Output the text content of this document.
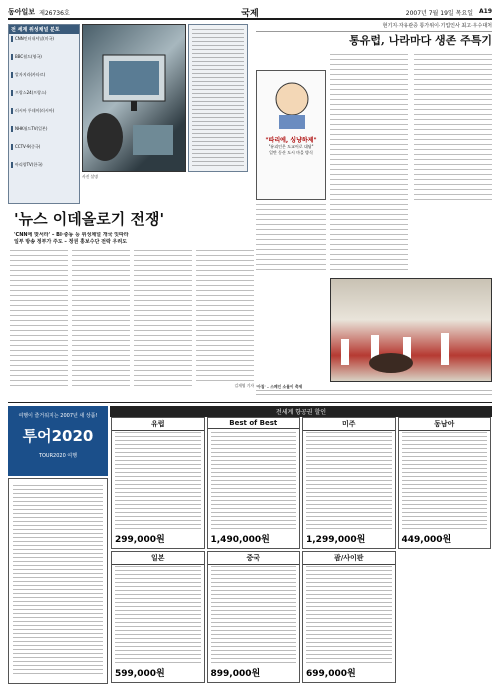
동아일보 제26736호	국제	2007년 7월 19일 목요일 A19
전 세계 위성채널 분포
CNN인터내셔널(미국)
BBC월드(영국)
알자지라(카타르)
프랑스24(프랑스)
러시아 투데이(러시아)
NHK월드TV(일본)
CCTV-9(중국)
아리랑TV(한국)
사진 설명
'뉴스 이데올로기 전쟁'
'CNN에 맞서라' – BI·중동 등 위성채널 개국 잇따라
일부 방송 정부가 주도 – 정권 홍보수단 전락 우려도
김재영 기자
"따리에, 싱냥하제"
"유괴인은 도교어로 대답"
일반 동산 도시 마을 방식
현기지·자유관증 통가위이·기업인사 최고·우수대처
통유럽, 나라마다 생존 주특기
'아침' – 스페인 소몰이 축제
여행이 즐거워지는 2007년 새 상품!
투어2020
TOUR2020 여행
전세계 항공권 할인
유럽
299,000원
Best of Best
1,490,000원
미주
1,299,000원
동남아
449,000원
일본
599,000원
중국
899,000원
괌/사이판
699,000원
